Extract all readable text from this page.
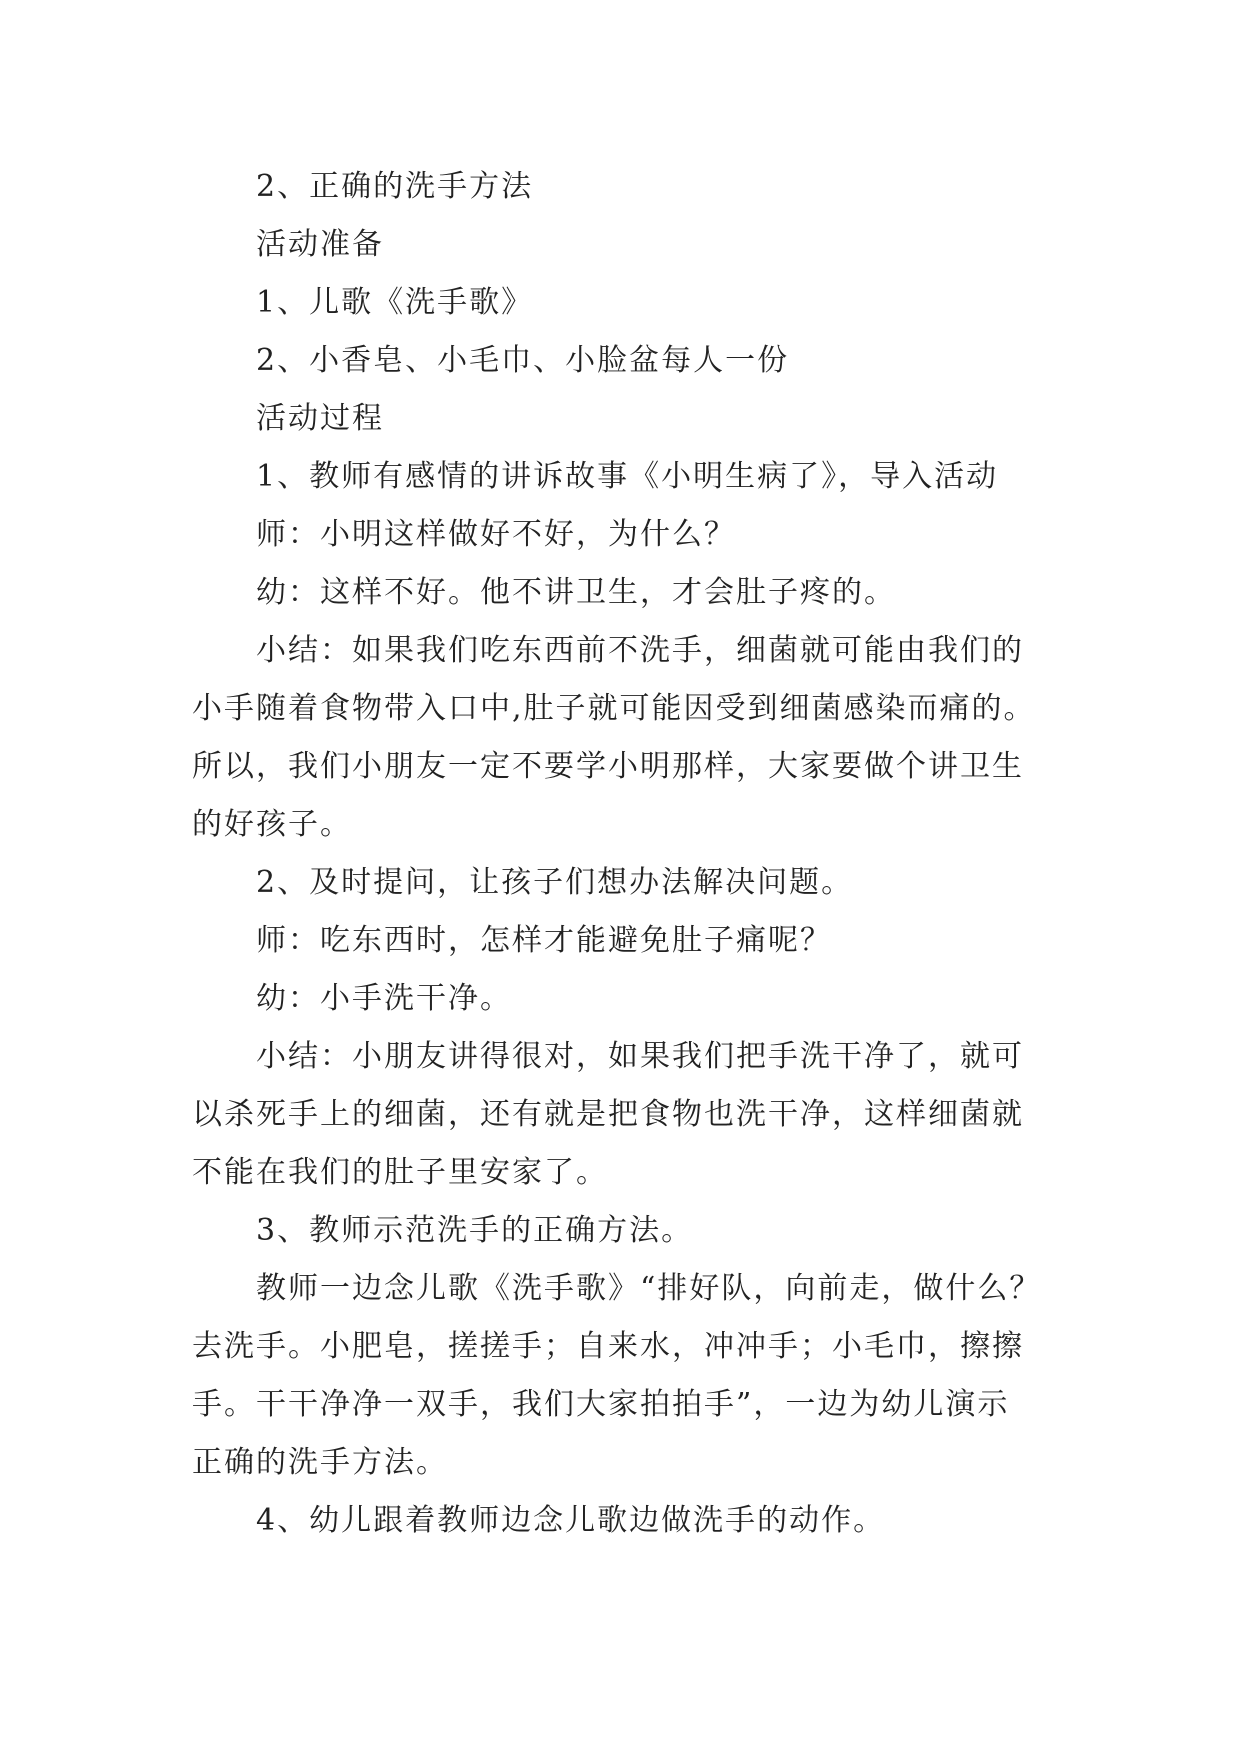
2、正确的洗手方法
活动准备
1、儿歌《洗手歌》
2、小香皂、小毛巾、小脸盆每人一份
活动过程
1、教师有感情的讲诉故事《小明生病了》，导入活动
师：小明这样做好不好，为什么？
幼：这样不好。他不讲卫生，才会肚子疼的。
小结：如果我们吃东西前不洗手，细菌就可能由我们的
小手随着食物带入口中,肚子就可能因受到细菌感染而痛的。
所以，我们小朋友一定不要学小明那样，大家要做个讲卫生
的好孩子。
2、及时提问，让孩子们想办法解决问题。
师：吃东西时，怎样才能避免肚子痛呢？
幼：小手洗干净。
小结：小朋友讲得很对，如果我们把手洗干净了，就可
以杀死手上的细菌，还有就是把食物也洗干净，这样细菌就
不能在我们的肚子里安家了。
3、教师示范洗手的正确方法。
教师一边念儿歌《洗手歌》“排好队，向前走，做什么？
去洗手。小肥皂，搓搓手；自来水，冲冲手；小毛巾，擦擦
手。干干净净一双手，我们大家拍拍手”，一边为幼儿演示
正确的洗手方法。
4、幼儿跟着教师边念儿歌边做洗手的动作。
